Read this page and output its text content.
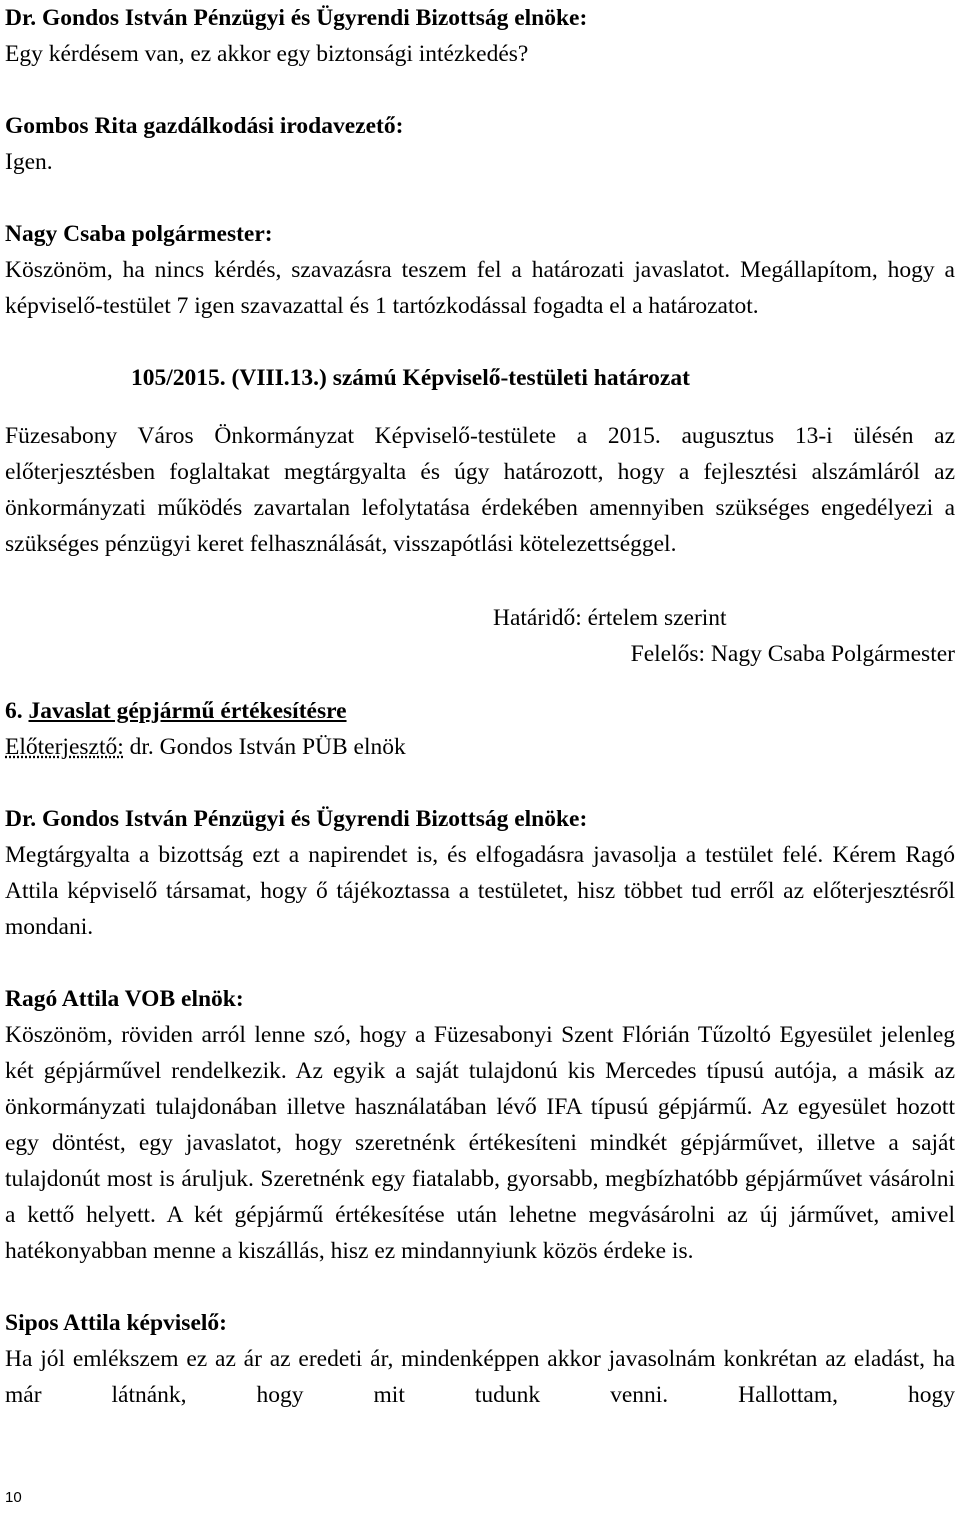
Dr. Gondos István Pénzügyi és Ügyrendi Bizottság elnöke:

Egy kérdésem van, ez akkor egy biztonsági intézkedés?

Gombos Rita gazdálkodási irodavezető:

Igen.

Nagy Csaba polgármester:

Köszönöm, ha nincs kérdés, szavazásra teszem fel a határozati javaslatot. Megállapítom, hogy a képviselő-testület 7 igen szavazattal és 1 tartózkodással fogadta el a határozatot.

105/2015. (VIII.13.) számú Képviselő-testületi határozat

Füzesabony Város Önkormányzat Képviselő-testülete a 2015. augusztus 13-i ülésén az előterjesztésben foglaltakat megtárgyalta és úgy határozott, hogy a fejlesztési alszámláról az önkormányzati működés zavartalan lefolytatása érdekében amennyiben szükséges engedélyezi a szükséges pénzügyi keret felhasználását, visszapótlási kötelezettséggel.

Határidő: értelem szerint

Felelős: Nagy Csaba Polgármester

6. Javaslat gépjármű értékesítésre

Előterjesztő: dr. Gondos István PÜB elnök

Dr. Gondos István Pénzügyi és Ügyrendi Bizottság elnöke:

Megtárgyalta a bizottság ezt a napirendet is, és elfogadásra javasolja a testület felé. Kérem Ragó Attila képviselő társamat, hogy ő tájékoztassa a testületet, hisz többet tud erről az előterjesztésről mondani.

Ragó Attila VOB elnök:

Köszönöm, röviden arról lenne szó, hogy a Füzesabonyi Szent Flórián Tűzoltó Egyesület jelenleg két gépjárművel rendelkezik. Az egyik a saját tulajdonú kis Mercedes típusú autója, a másik az önkormányzati tulajdonában illetve használatában lévő IFA típusú gépjármű. Az egyesület hozott egy döntést, egy javaslatot, hogy szeretnénk értékesíteni mindkét gépjárművet, illetve a saját tulajdonút most is áruljuk. Szeretnénk egy fiatalabb, gyorsabb, megbízhatóbb gépjárművet vásárolni a kettő helyett. A két gépjármű értékesítése után lehetne megvásárolni az új járművet, amivel hatékonyabban menne a kiszállás, hisz ez mindannyiunk közös érdeke is.

Sipos Attila képviselő:

Ha jól emlékszem ez az ár az eredeti ár, mindenképpen akkor javasolnám konkrétan az eladást, ha már látnánk, hogy mit tudunk venni. Hallottam, hogy

10
